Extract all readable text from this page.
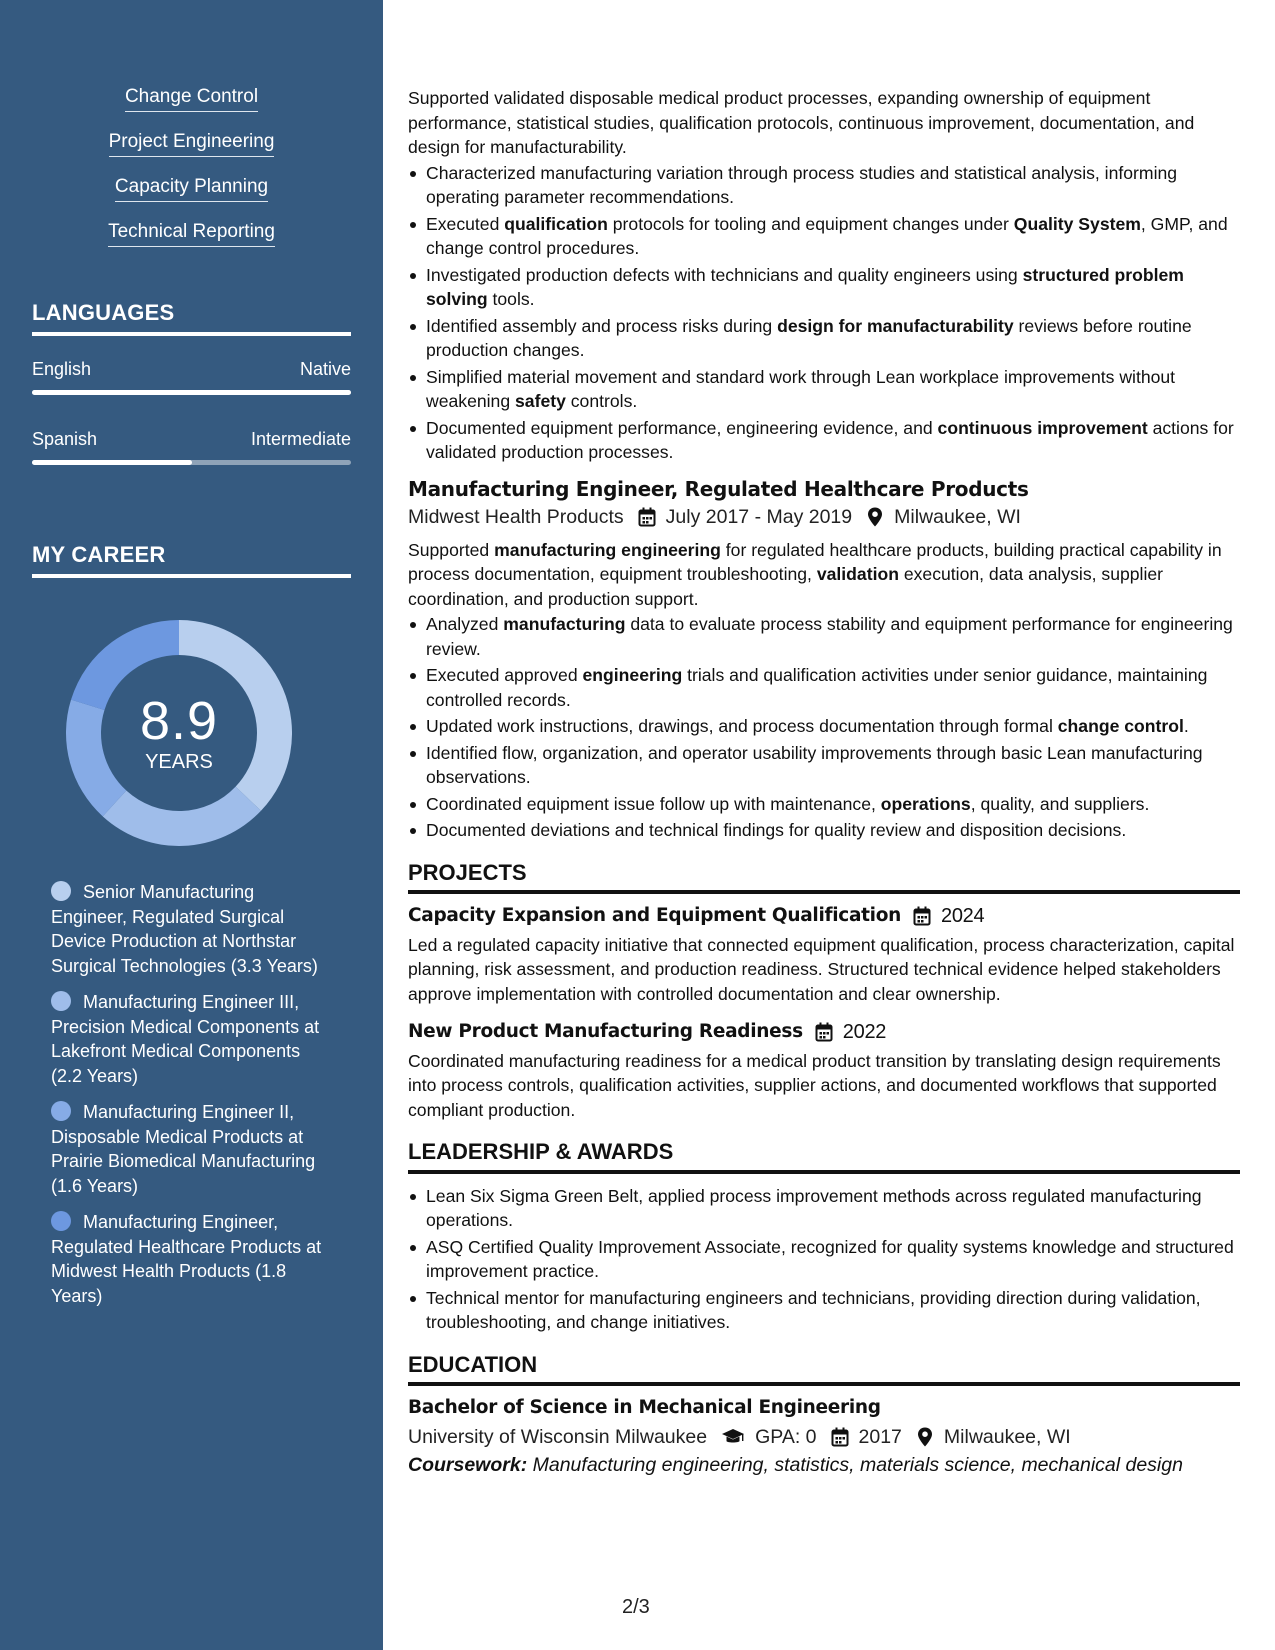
Change Control
Project Engineering
Capacity Planning
Technical Reporting
LANGUAGES
English	Native
Spanish	Intermediate
MY CAREER
8.9
YEARS
Senior Manufacturing Engineer, Regulated Surgical Device Production at Northstar Surgical Technologies (3.3 Years)
Manufacturing Engineer III, Precision Medical Components at Lakefront Medical Components (2.2 Years)
Manufacturing Engineer II, Disposable Medical Products at Prairie Biomedical Manufacturing (1.6 Years)
Manufacturing Engineer, Regulated Healthcare Products at Midwest Health Products (1.8 Years)

Supported validated disposable medical product processes, expanding ownership of equipment performance, statistical studies, qualification protocols, continuous improvement, documentation, and design for manufacturability.

Characterized manufacturing variation through process studies and statistical analysis, informing operating parameter recommendations.
Executed qualification protocols for tooling and equipment changes under Quality System, GMP, and change control procedures.
Investigated production defects with technicians and quality engineers using structured problem solving tools.
Identified assembly and process risks during design for manufacturability reviews before routine production changes.
Simplified material movement and standard work through Lean workplace improvements without weakening safety controls.
Documented equipment performance, engineering evidence, and continuous improvement actions for validated production processes.
Manufacturing Engineer, Regulated Healthcare Products
Midwest Health Products July 2017 - May 2019 Milwaukee, WI

Supported manufacturing engineering for regulated healthcare products, building practical capability in process documentation, equipment troubleshooting, validation execution, data analysis, supplier coordination, and production support.

Analyzed manufacturing data to evaluate process stability and equipment performance for engineering review.
Executed approved engineering trials and qualification activities under senior guidance, maintaining controlled records.
Updated work instructions, drawings, and process documentation through formal change control.
Identified flow, organization, and operator usability improvements through basic Lean manufacturing observations.
Coordinated equipment issue follow up with maintenance, operations, quality, and suppliers.
Documented deviations and technical findings for quality review and disposition decisions.
PROJECTS
Capacity Expansion and Equipment Qualification 2024

Led a regulated capacity initiative that connected equipment qualification, process characterization, capital planning, risk assessment, and production readiness. Structured technical evidence helped stakeholders approve implementation with controlled documentation and clear ownership.

New Product Manufacturing Readiness 2022

Coordinated manufacturing readiness for a medical product transition by translating design requirements into process controls, qualification activities, supplier actions, and documented workflows that supported compliant production.

LEADERSHIP & AWARDS
Lean Six Sigma Green Belt, applied process improvement methods across regulated manufacturing operations.
ASQ Certified Quality Improvement Associate, recognized for quality systems knowledge and structured improvement practice.
Technical mentor for manufacturing engineers and technicians, providing direction during validation, troubleshooting, and change initiatives.
EDUCATION
Bachelor of Science in Mechanical Engineering
University of Wisconsin Milwaukee GPA: 0 2017 Milwaukee, WI
Coursework: Manufacturing engineering, statistics, materials science, mechanical design
2/3
